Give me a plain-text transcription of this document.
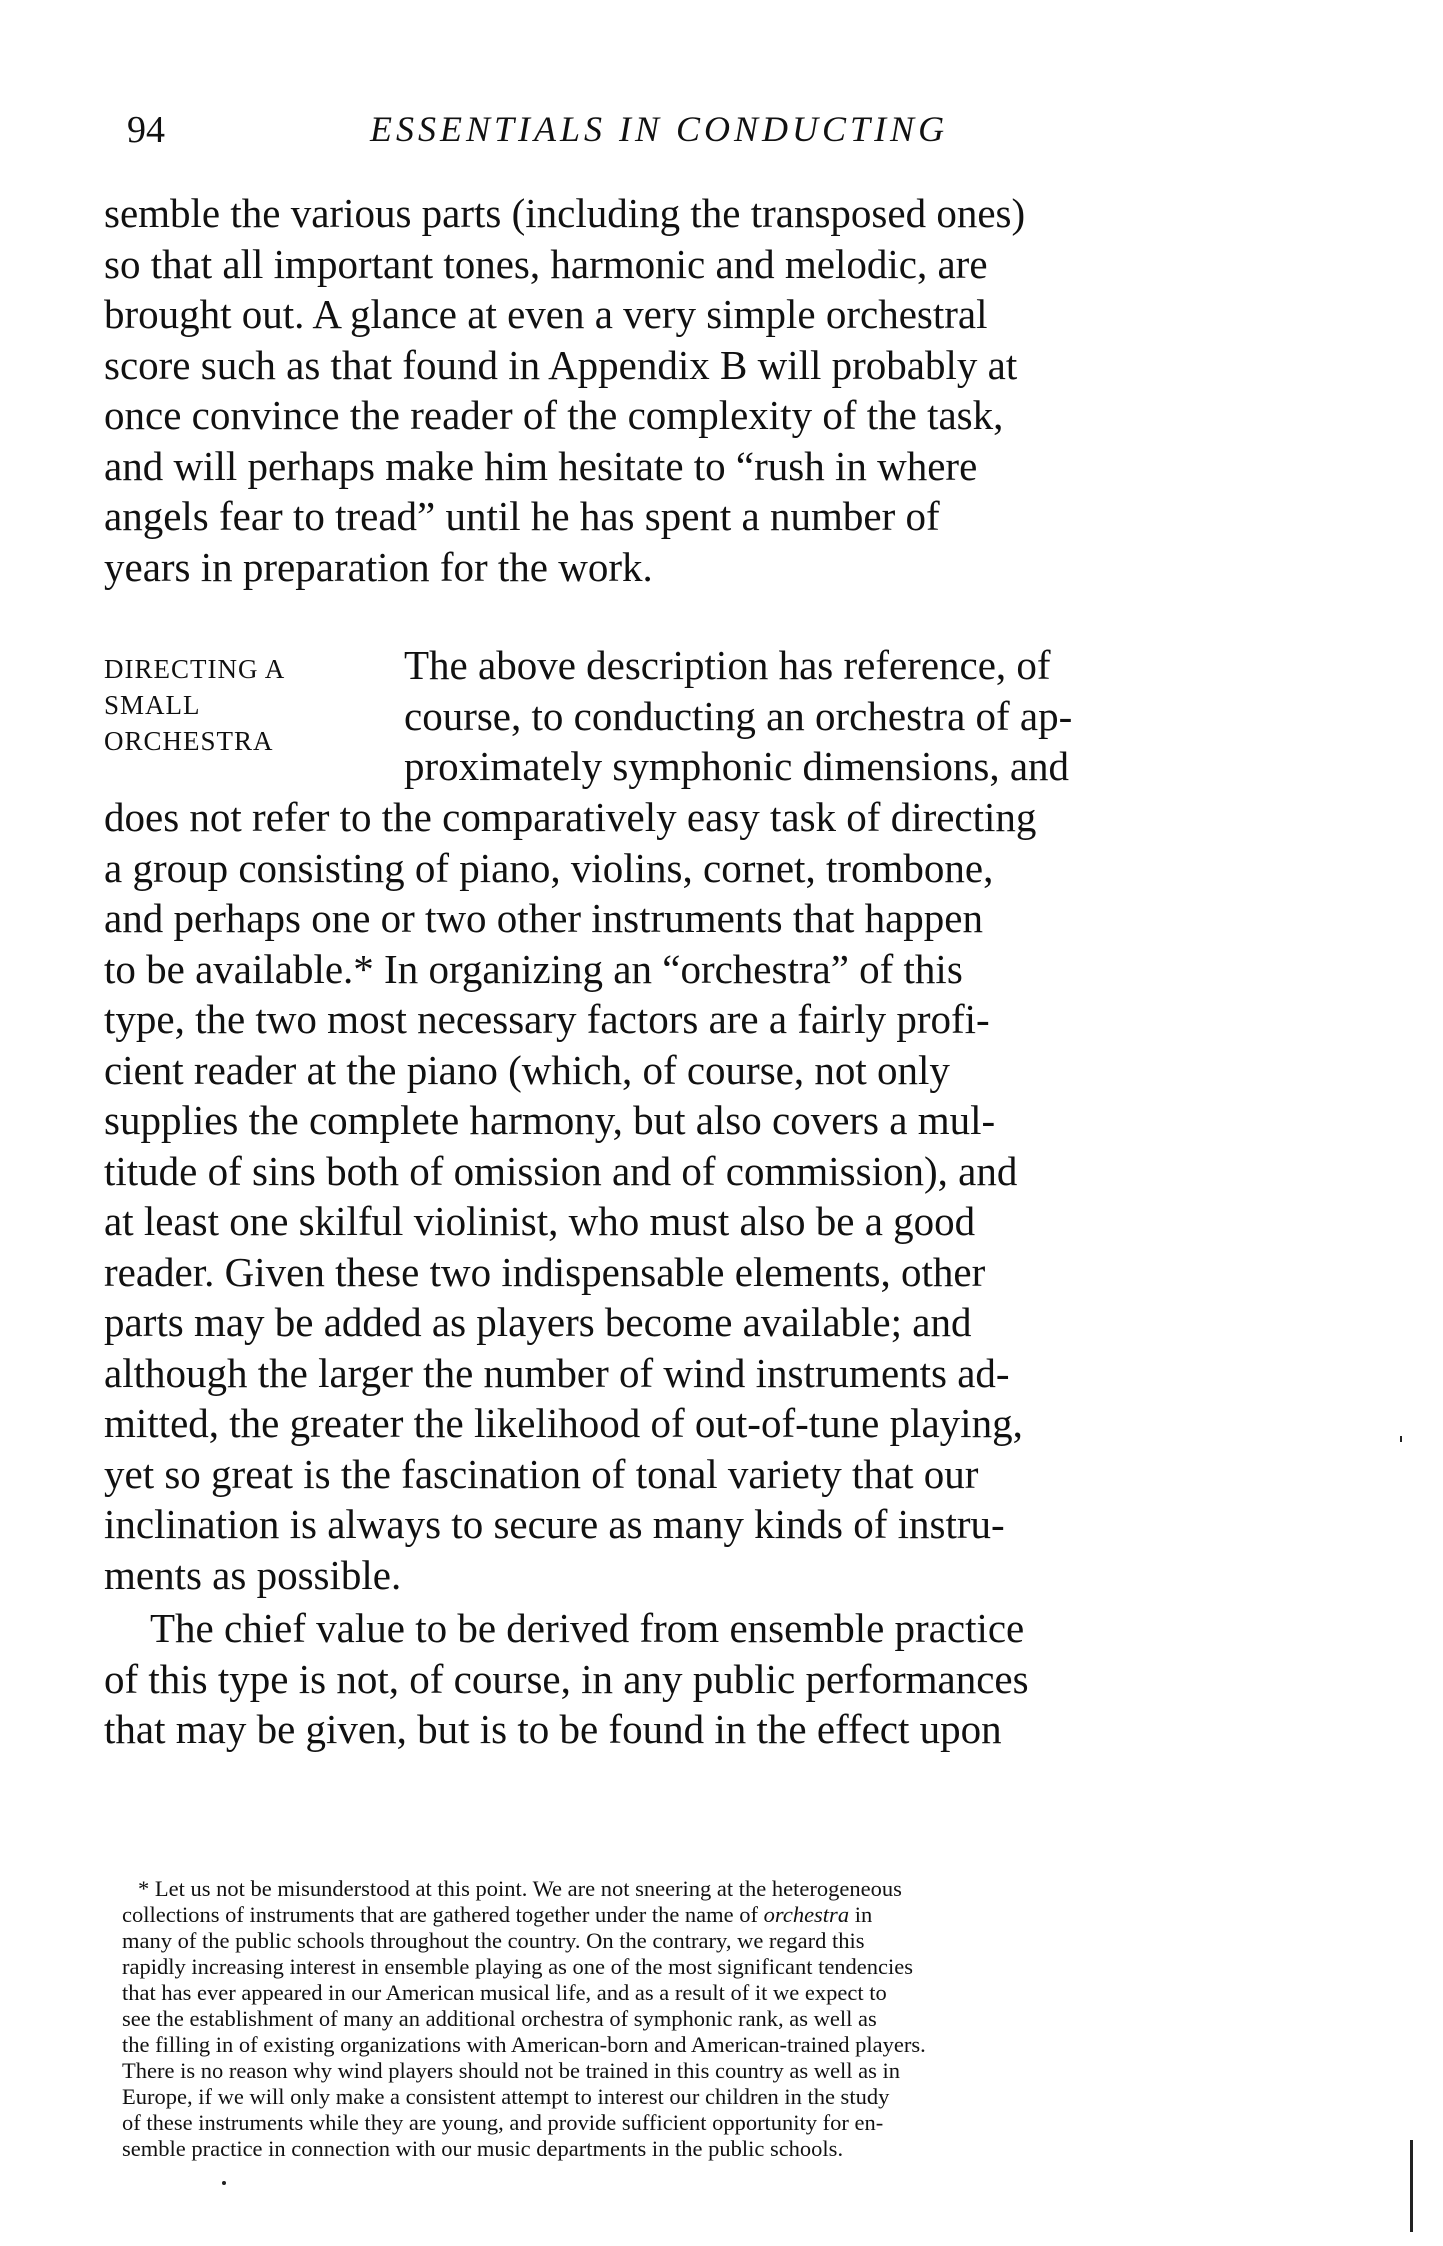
94	ESSENTIALS IN CONDUCTING
semble the various parts (including the transposed ones)
so that all important tones, harmonic and melodic, are
brought out. A glance at even a very simple orchestral
score such as that found in Appendix B will probably at
once convince the reader of the complexity of the task,
and will perhaps make him hesitate to “rush in where
angels fear to tread” until he has spent a number of
years in preparation for the work.
DIRECTING A
SMALL
ORCHESTRA
The above description has reference, of
course, to conducting an orchestra of ap-
proximately symphonic dimensions, and
does not refer to the comparatively easy task of directing
a group consisting of piano, violins, cornet, trombone,
and perhaps one or two other instruments that happen
to be available.* In organizing an “orchestra” of this
type, the two most necessary factors are a fairly profi-
cient reader at the piano (which, of course, not only
supplies the complete harmony, but also covers a mul-
titude of sins both of omission and of commission), and
at least one skilful violinist, who must also be a good
reader. Given these two indispensable elements, other
parts may be added as players become available; and
although the larger the number of wind instruments ad-
mitted, the greater the likelihood of out-of-tune playing,
yet so great is the fascination of tonal variety that our
inclination is always to secure as many kinds of instru-
ments as possible.
The chief value to be derived from ensemble practice
of this type is not, of course, in any public performances
that may be given, but is to be found in the effect upon
* Let us not be misunderstood at this point. We are not sneering at the heterogeneous
collections of instruments that are gathered together under the name of orchestra in
many of the public schools throughout the country. On the contrary, we regard this
rapidly increasing interest in ensemble playing as one of the most significant tendencies
that has ever appeared in our American musical life, and as a result of it we expect to
see the establishment of many an additional orchestra of symphonic rank, as well as
the filling in of existing organizations with American-born and American-trained players.
There is no reason why wind players should not be trained in this country as well as in
Europe, if we will only make a consistent attempt to interest our children in the study
of these instruments while they are young, and provide sufficient opportunity for en-
semble practice in connection with our music departments in the public schools.
